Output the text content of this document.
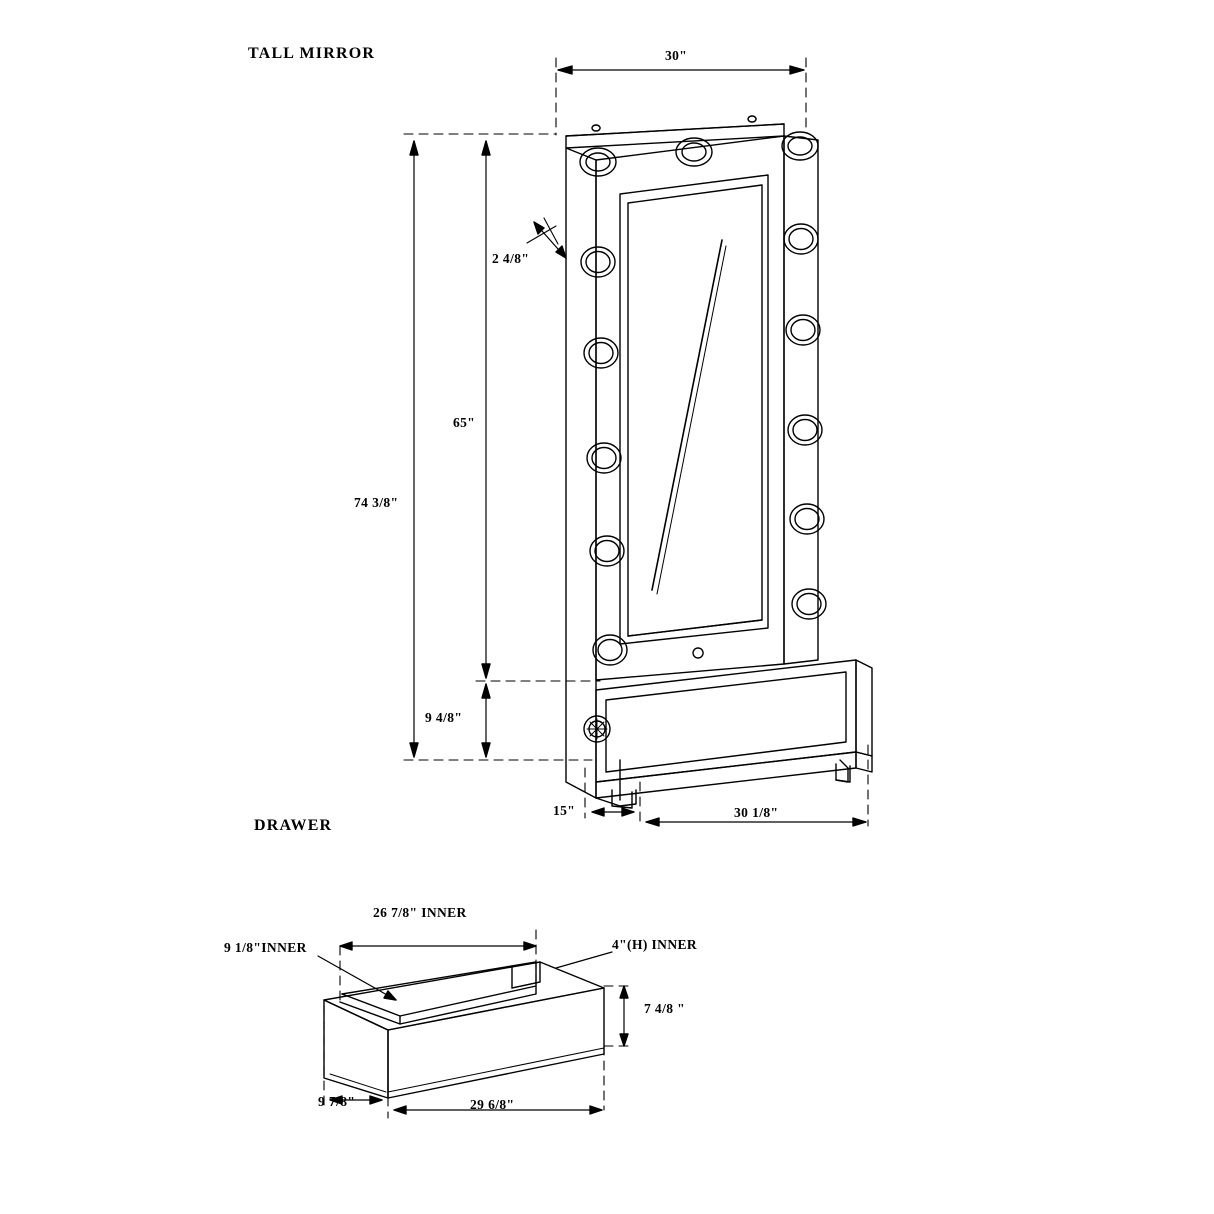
TALL MIRROR
DRAWER
30"
2 4/8"
65"
74 3/8"
9 4/8"
15"	30 1/8"
26 7/8" INNER
9 1/8"INNER	4"(H) INNER
7 4/8 "
9 7/8"	29 6/8"
